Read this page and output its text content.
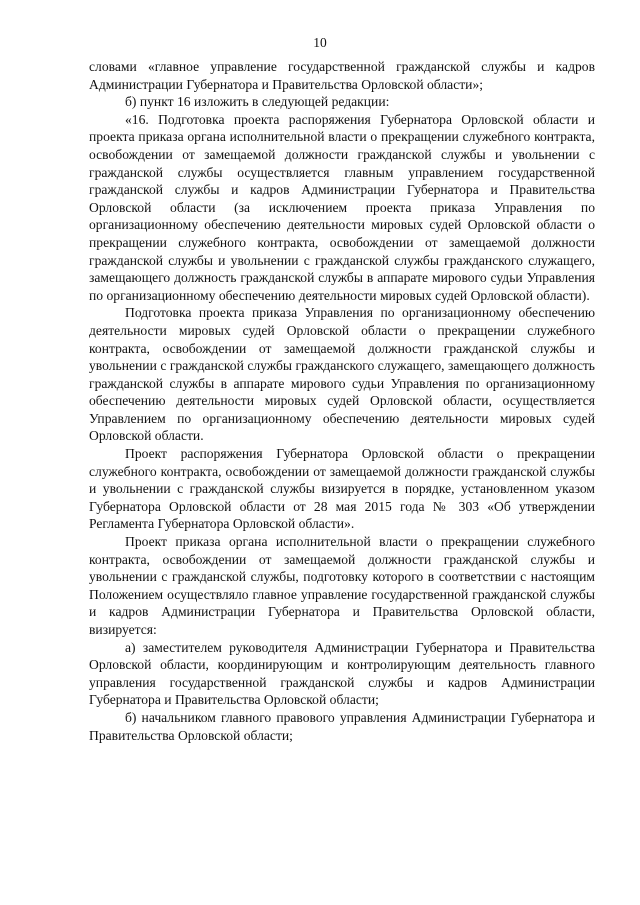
10

словами «главное управление государственной гражданской службы и кадров Администрации Губернатора и Правительства Орловской области»;

б) пункт 16 изложить в следующей редакции:

«16. Подготовка проекта распоряжения Губернатора Орловской области и проекта приказа органа исполнительной власти о прекращении служебного контракта, освобождении от замещаемой должности гражданской службы и увольнении с гражданской службы осуществляется главным управлением государственной гражданской службы и кадров Администрации Губернатора и Правительства Орловской области (за исключением проекта приказа Управления по организационному обеспечению деятельности мировых судей Орловской области о прекращении служебного контракта, освобождении от замещаемой должности гражданской службы и увольнении с гражданской службы гражданского служащего, замещающего должность гражданской службы в аппарате мирового судьи Управления по организационному обеспечению деятельности мировых судей Орловской области).

Подготовка проекта приказа Управления по организационному обеспечению деятельности мировых судей Орловской области о прекращении служебного контракта, освобождении от замещаемой должности гражданской службы и увольнении с гражданской службы гражданского служащего, замещающего должность гражданской службы в аппарате мирового судьи Управления по организационному обеспечению деятельности мировых судей Орловской области, осуществляется Управлением по организационному обеспечению деятельности мировых судей Орловской области.

Проект распоряжения Губернатора Орловской области о прекращении служебного контракта, освобождении от замещаемой должности гражданской службы и увольнении с гражданской службы визируется в порядке, установленном указом Губернатора Орловской области от 28 мая 2015 года № 303 «Об утверждении Регламента Губернатора Орловской области».

Проект приказа органа исполнительной власти о прекращении служебного контракта, освобождении от замещаемой должности гражданской службы и увольнении с гражданской службы, подготовку которого в соответствии с настоящим Положением осуществляло главное управление государственной гражданской службы и кадров Администрации Губернатора и Правительства Орловской области, визируется:

а) заместителем руководителя Администрации Губернатора и Правительства Орловской области, координирующим и контролирующим деятельность главного управления государственной гражданской службы и кадров Администрации Губернатора и Правительства Орловской области;

б) начальником главного правового управления Администрации Губернатора и Правительства Орловской области;
